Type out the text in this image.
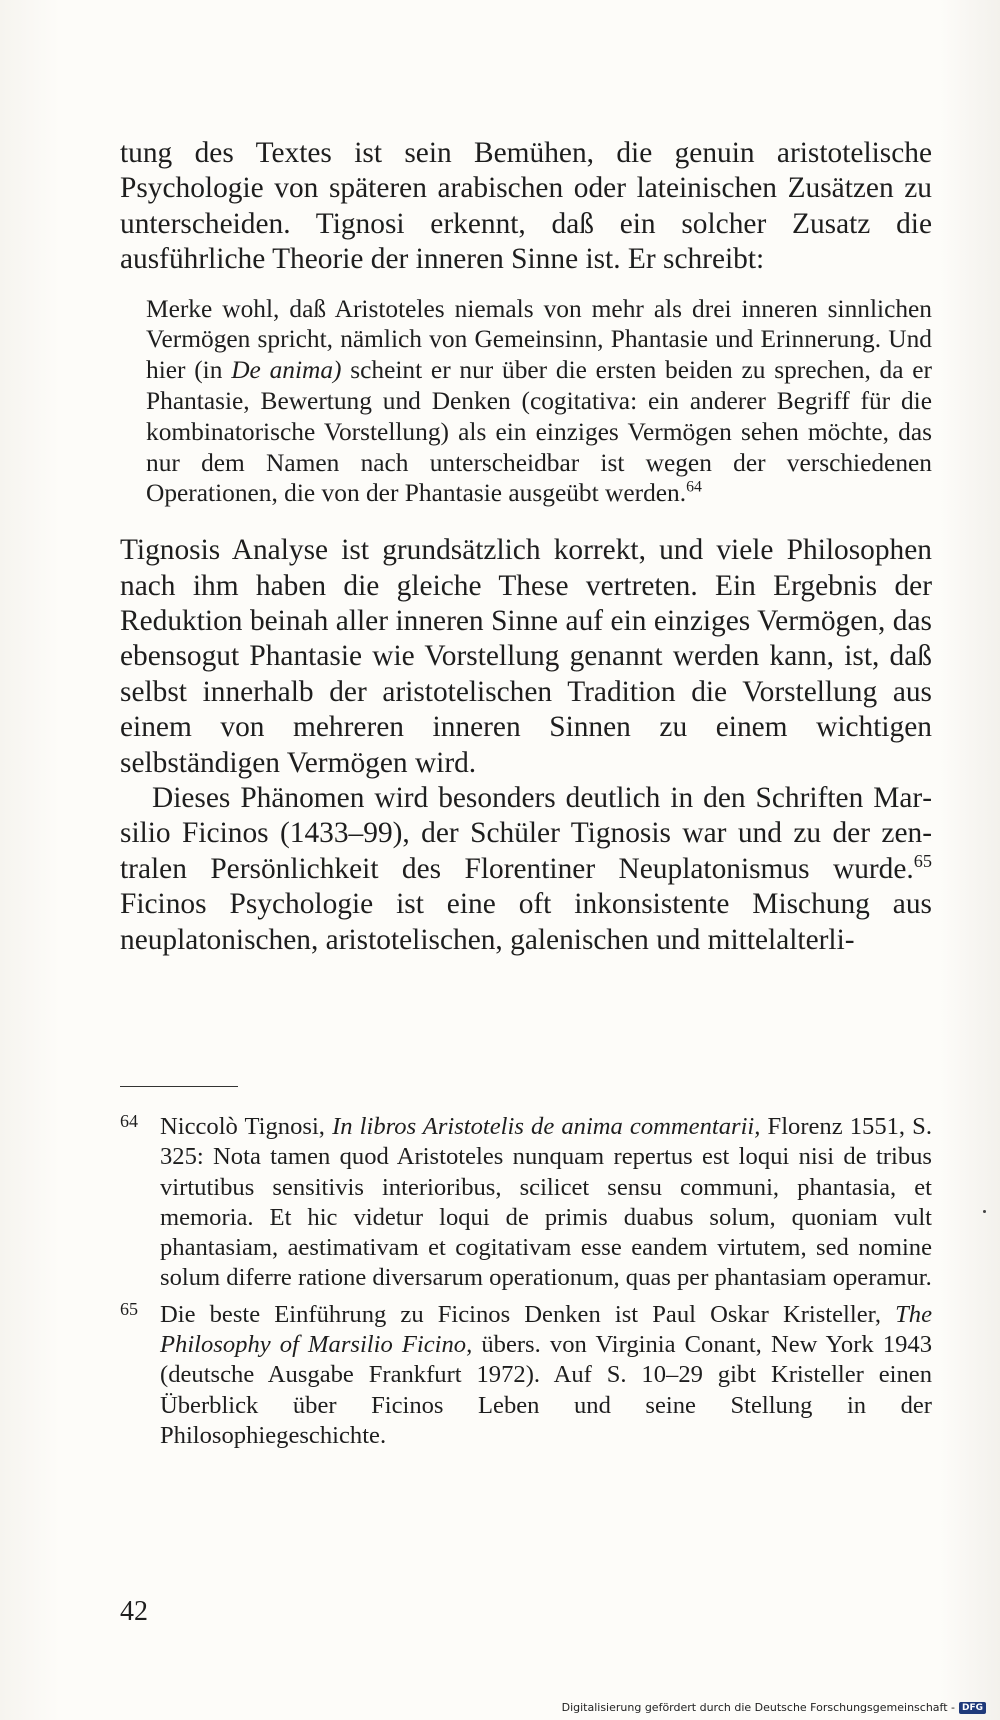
tung des Textes ist sein Bemühen, die genuin aristotelische Psychologie von späteren arabischen oder lateinischen Zusätzen zu unterscheiden. Tignosi erkennt, daß ein solcher Zusatz die ausführliche Theorie der inneren Sinne ist. Er schreibt:

Merke wohl, daß Aristoteles niemals von mehr als drei inneren sinnlichen Vermögen spricht, nämlich von Gemeinsinn, Phantasie und Erinnerung. Und hier (in De anima) scheint er nur über die ersten beiden zu sprechen, da er Phantasie, Bewertung und Denken (cogitativa: ein anderer Begriff für die kombinatorische Vorstellung) als ein einziges Vermögen sehen möchte, das nur dem Namen nach unterscheidbar ist wegen der verschiedenen Operationen, die von der Phantasie ausgeübt werden.$^{64}$

Tignosis Analyse ist grundsätzlich korrekt, und viele Philosophen nach ihm haben die gleiche These vertreten. Ein Ergebnis der Reduktion beinah aller inneren Sinne auf ein einziges Vermögen, das ebensogut Phantasie wie Vorstellung genannt werden kann, ist, daß selbst innerhalb der aristotelischen Tradition die Vorstellung aus einem von mehreren inneren Sinnen zu einem wichtigen selbständigen Vermögen wird.

Dieses Phänomen wird besonders deutlich in den Schriften Marsilio Ficinos (1433–99), der Schüler Tignosis war und zu der zentralen Persönlichkeit des Florentiner Neuplatonismus wurde.$^{65}$ Ficinos Psychologie ist eine oft inkonsistente Mischung aus neuplatonischen, aristotelischen, galenischen und mittelalterli-

64 Niccolò Tignosi, In libros Aristotelis de anima commentarii, Florenz 1551, S. 325: Nota tamen quod Aristoteles nunquam repertus est loqui nisi de tribus virtutibus sensitivis interioribus, scilicet sensu communi, phantasia, et memoria. Et hic videtur loqui de primis duabus solum, quoniam vult phantasiam, aestimativam et cogitativam esse eandem virtutem, sed nomine solum diferre ratione diversarum operationum, quas per phantasiam operamur.
65 Die beste Einführung zu Ficinos Denken ist Paul Oskar Kristeller, The Philosophy of Marsilio Ficino, übers. von Virginia Conant, New York 1943 (deutsche Ausgabe Frankfurt 1972). Auf S. 10–29 gibt Kristeller einen Überblick über Ficinos Leben und seine Stellung in der Philosophiegeschichte.
42
Digitalisierung gefördert durch die Deutsche Forschungsgemeinschaft - DFG
